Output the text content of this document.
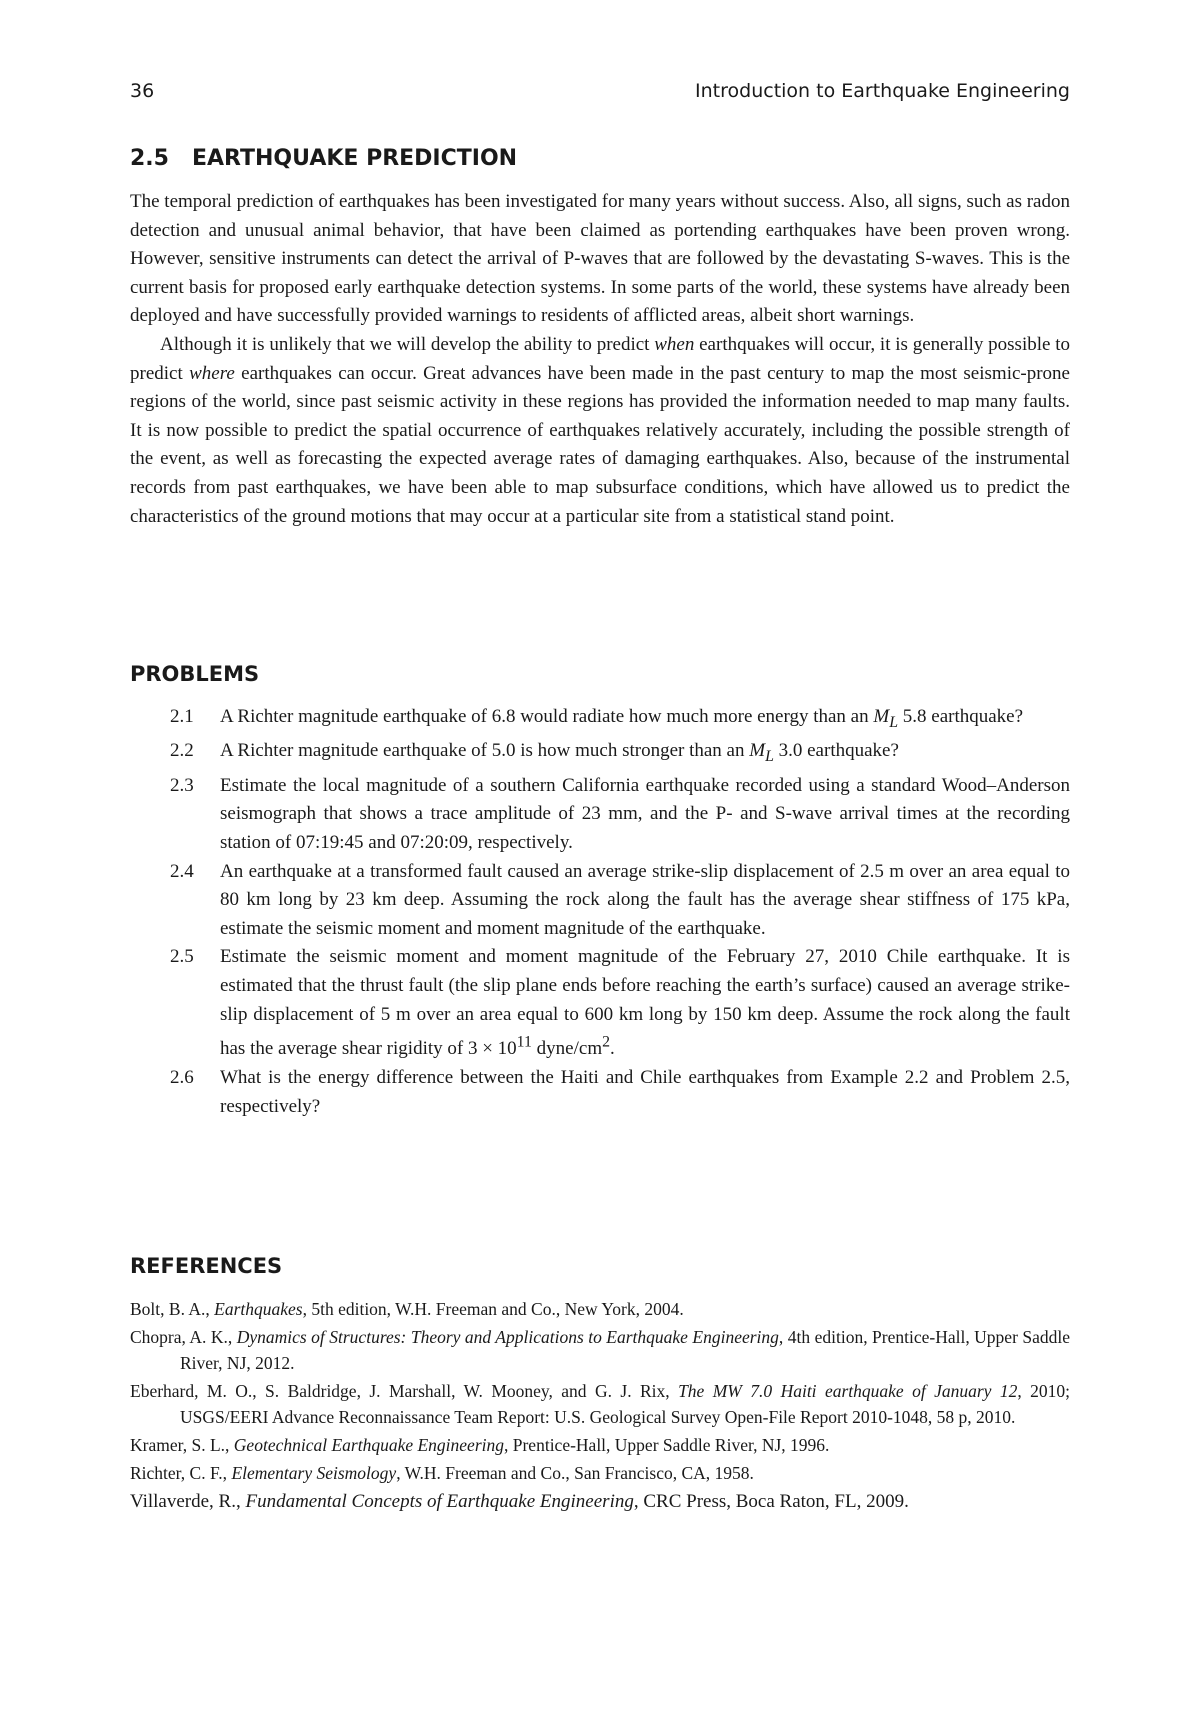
36	Introduction to Earthquake Engineering
2.5 EARTHQUAKE PREDICTION

The temporal prediction of earthquakes has been investigated for many years without success. Also, all signs, such as radon detection and unusual animal behavior, that have been claimed as portending earthquakes have been proven wrong. However, sensitive instruments can detect the arrival of P-waves that are followed by the devastating S-waves. This is the current basis for proposed early earthquake detection systems. In some parts of the world, these systems have already been deployed and have successfully provided warnings to residents of afflicted areas, albeit short warnings.

Although it is unlikely that we will develop the ability to predict when earthquakes will occur, it is generally possible to predict where earthquakes can occur. Great advances have been made in the past century to map the most seismic-prone regions of the world, since past seismic activity in these regions has provided the information needed to map many faults. It is now possible to predict the spatial occurrence of earthquakes relatively accurately, including the possible strength of the event, as well as forecasting the expected average rates of damaging earthquakes. Also, because of the instrumental records from past earthquakes, we have been able to map subsurface conditions, which have allowed us to predict the characteristics of the ground motions that may occur at a particular site from a statistical stand point.

PROBLEMS
2.1 A Richter magnitude earthquake of 6.8 would radiate how much more energy than an $M_L$ 5.8 earthquake?
2.2 A Richter magnitude earthquake of 5.0 is how much stronger than an $M_L$ 3.0 earthquake?
2.3 Estimate the local magnitude of a southern California earthquake recorded using a standard Wood–Anderson seismograph that shows a trace amplitude of 23 mm, and the P- and S-wave arrival times at the recording station of 07:19:45 and 07:20:09, respectively.
2.4 An earthquake at a transformed fault caused an average strike-slip displacement of 2.5 m over an area equal to 80 km long by 23 km deep. Assuming the rock along the fault has the average shear stiffness of 175 kPa, estimate the seismic moment and moment magnitude of the earthquake.
2.5 Estimate the seismic moment and moment magnitude of the February 27, 2010 Chile earthquake. It is estimated that the thrust fault (the slip plane ends before reaching the earth’s surface) caused an average strike-slip displacement of 5 m over an area equal to 600 km long by 150 km deep. Assume the rock along the fault has the average shear rigidity of $3 \times 10^{11}$ dyne/$cm^2$.
2.6 What is the energy difference between the Haiti and Chile earthquakes from Example 2.2 and Problem 2.5, respectively?
REFERENCES
Bolt, B. A., Earthquakes, 5th edition, W.H. Freeman and Co., New York, 2004.
Chopra, A. K., Dynamics of Structures: Theory and Applications to Earthquake Engineering, 4th edition, Prentice-Hall, Upper Saddle River, NJ, 2012.
Eberhard, M. O., S. Baldridge, J. Marshall, W. Mooney, and G. J. Rix, The MW 7.0 Haiti earthquake of January 12, 2010; USGS/EERI Advance Reconnaissance Team Report: U.S. Geological Survey Open-File Report 2010-1048, 58 p, 2010.
Kramer, S. L., Geotechnical Earthquake Engineering, Prentice-Hall, Upper Saddle River, NJ, 1996.
Richter, C. F., Elementary Seismology, W.H. Freeman and Co., San Francisco, CA, 1958.
Villaverde, R., Fundamental Concepts of Earthquake Engineering, CRC Press, Boca Raton, FL, 2009.
